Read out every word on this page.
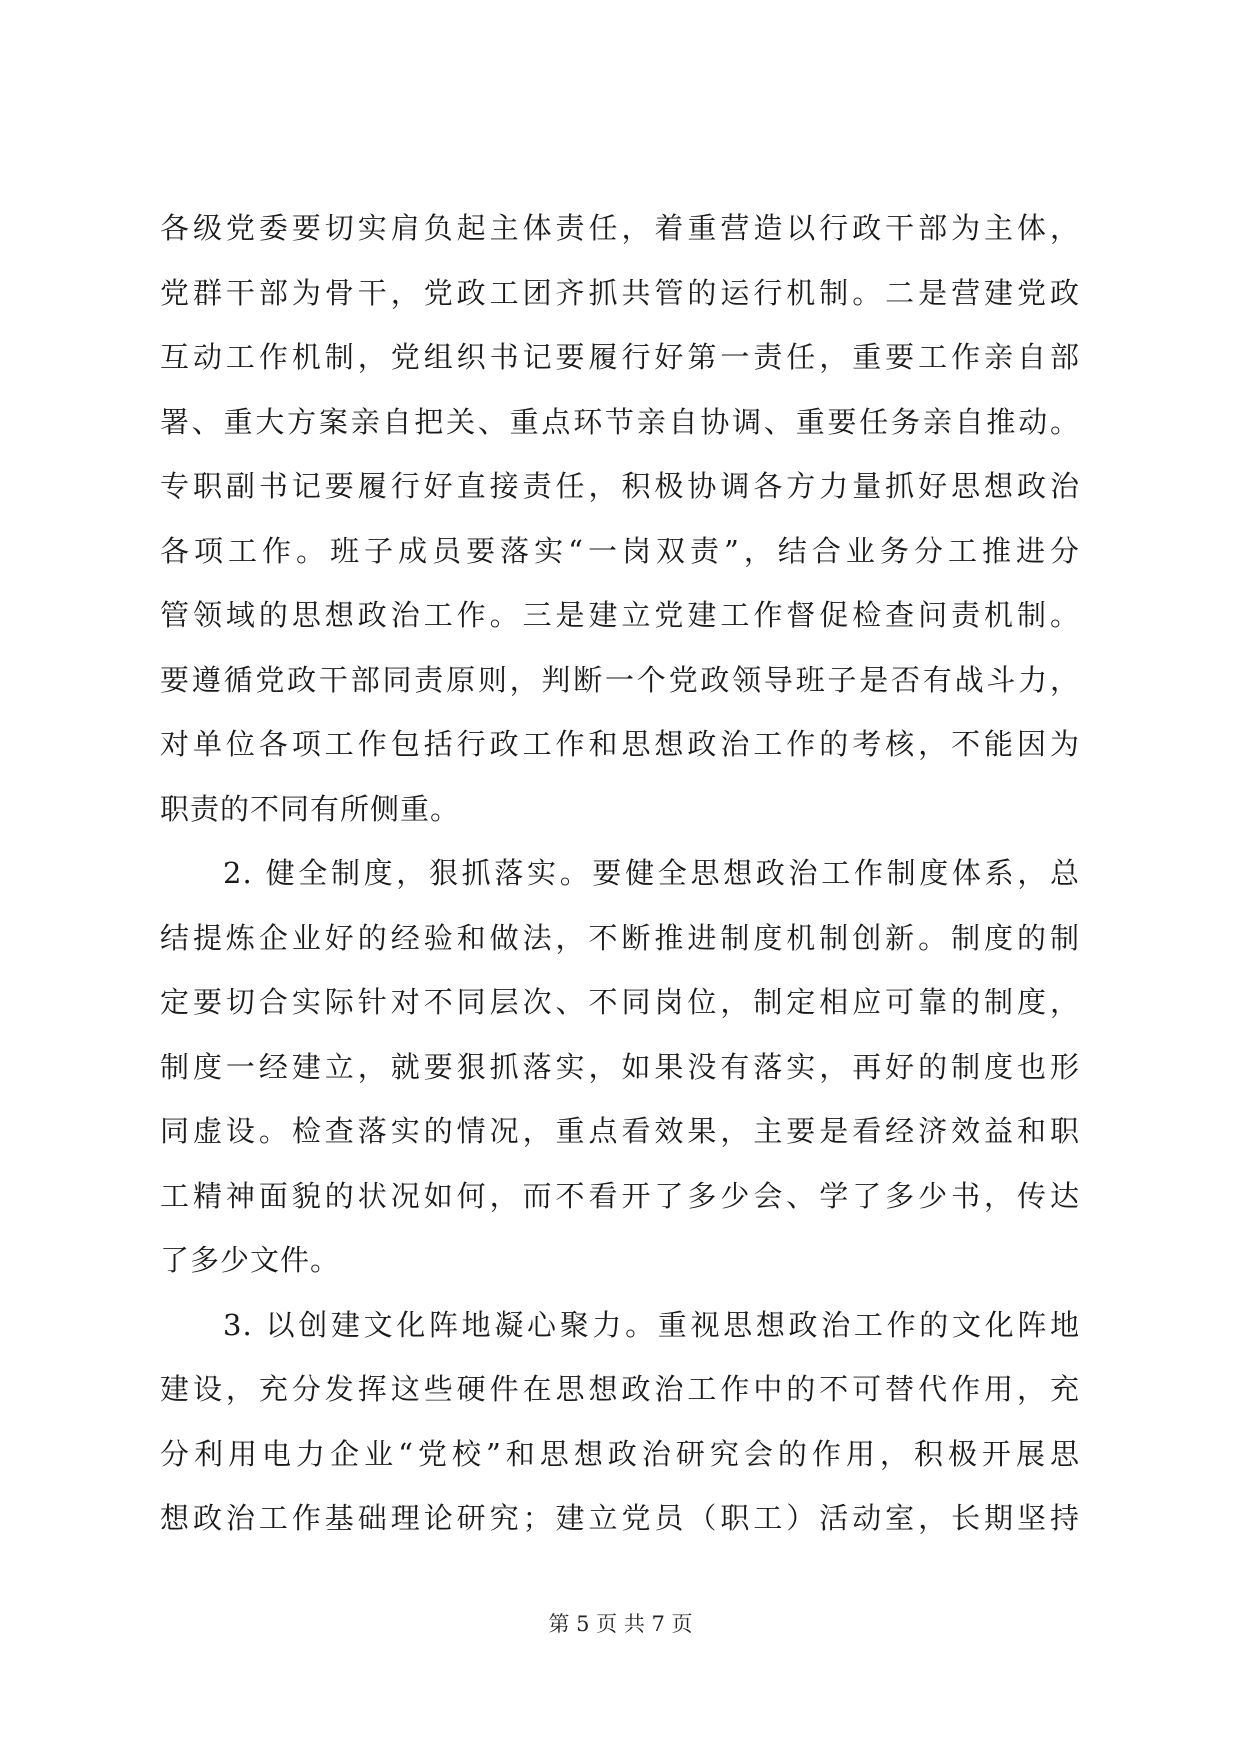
各级党委要切实肩负起主体责任，着重营造以行政干部为主体，
党群干部为骨干，党政工团齐抓共管的运行机制。二是营建党政
互动工作机制，党组织书记要履行好第一责任，重要工作亲自部
署、重大方案亲自把关、重点环节亲自协调、重要任务亲自推动。
专职副书记要履行好直接责任，积极协调各方力量抓好思想政治
各项工作。班子成员要落实“一岗双责”，结合业务分工推进分
管领域的思想政治工作。三是建立党建工作督促检查问责机制。
要遵循党政干部同责原则，判断一个党政领导班子是否有战斗力，
对单位各项工作包括行政工作和思想政治工作的考核，不能因为
职责的不同有所侧重。
2. 健全制度，狠抓落实。要健全思想政治工作制度体系，总
结提炼企业好的经验和做法，不断推进制度机制创新。制度的制
定要切合实际针对不同层次、不同岗位，制定相应可靠的制度，
制度一经建立，就要狠抓落实，如果没有落实，再好的制度也形
同虚设。检查落实的情况，重点看效果，主要是看经济效益和职
工精神面貌的状况如何，而不看开了多少会、学了多少书，传达
了多少文件。
3. 以创建文化阵地凝心聚力。重视思想政治工作的文化阵地
建设，充分发挥这些硬件在思想政治工作中的不可替代作用，充
分利用电力企业“党校”和思想政治研究会的作用，积极开展思
想政治工作基础理论研究；建立党员（职工）活动室，长期坚持
第 5 页 共 7 页
